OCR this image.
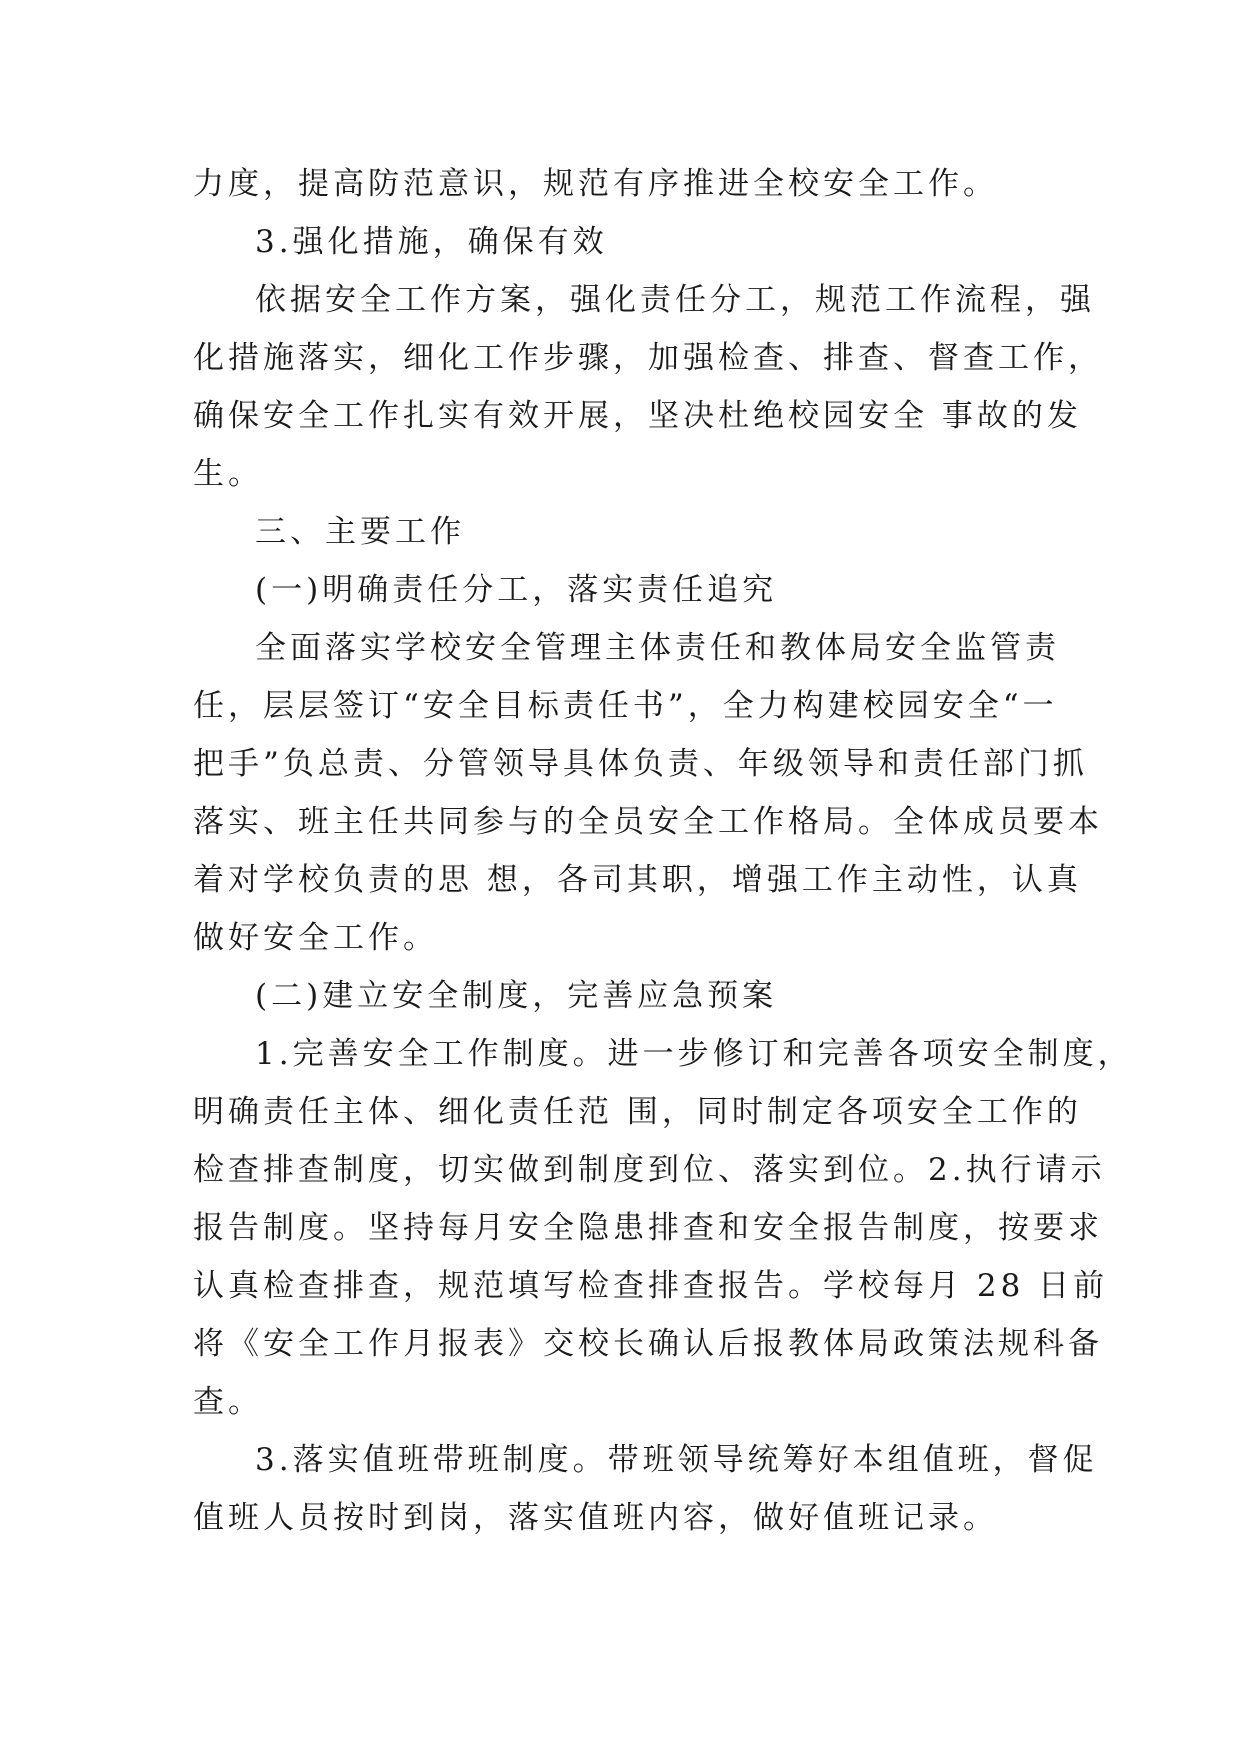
力度，提高防范意识，规范有序推进全校安全工作。
3.强化措施，确保有效
依据安全工作方案，强化责任分工，规范工作流程，强
化措施落实，细化工作步骤，加强检查、排查、督查工作，
确保安全工作扎实有效开展，坚决杜绝校园安全 事故的发
生。
三、主要工作
(一)明确责任分工，落实责任追究
全面落实学校安全管理主体责任和教体局安全监管责
任，层层签订“安全目标责任书”，全力构建校园安全“一
把手”负总责、分管领导具体负责、年级领导和责任部门抓
落实、班主任共同参与的全员安全工作格局。全体成员要本
着对学校负责的思 想，各司其职，增强工作主动性，认真
做好安全工作。
(二)建立安全制度，完善应急预案
1.完善安全工作制度。进一步修订和完善各项安全制度，
明确责任主体、细化责任范 围，同时制定各项安全工作的
检查排查制度，切实做到制度到位、落实到位。2.执行请示
报告制度。坚持每月安全隐患排查和安全报告制度，按要求
认真检查排查，规范填写检查排查报告。学校每月 28 日前
将《安全工作月报表》交校长确认后报教体局政策法规科备
查。
3.落实值班带班制度。带班领导统筹好本组值班，督促
值班人员按时到岗，落实值班内容，做好值班记录。
